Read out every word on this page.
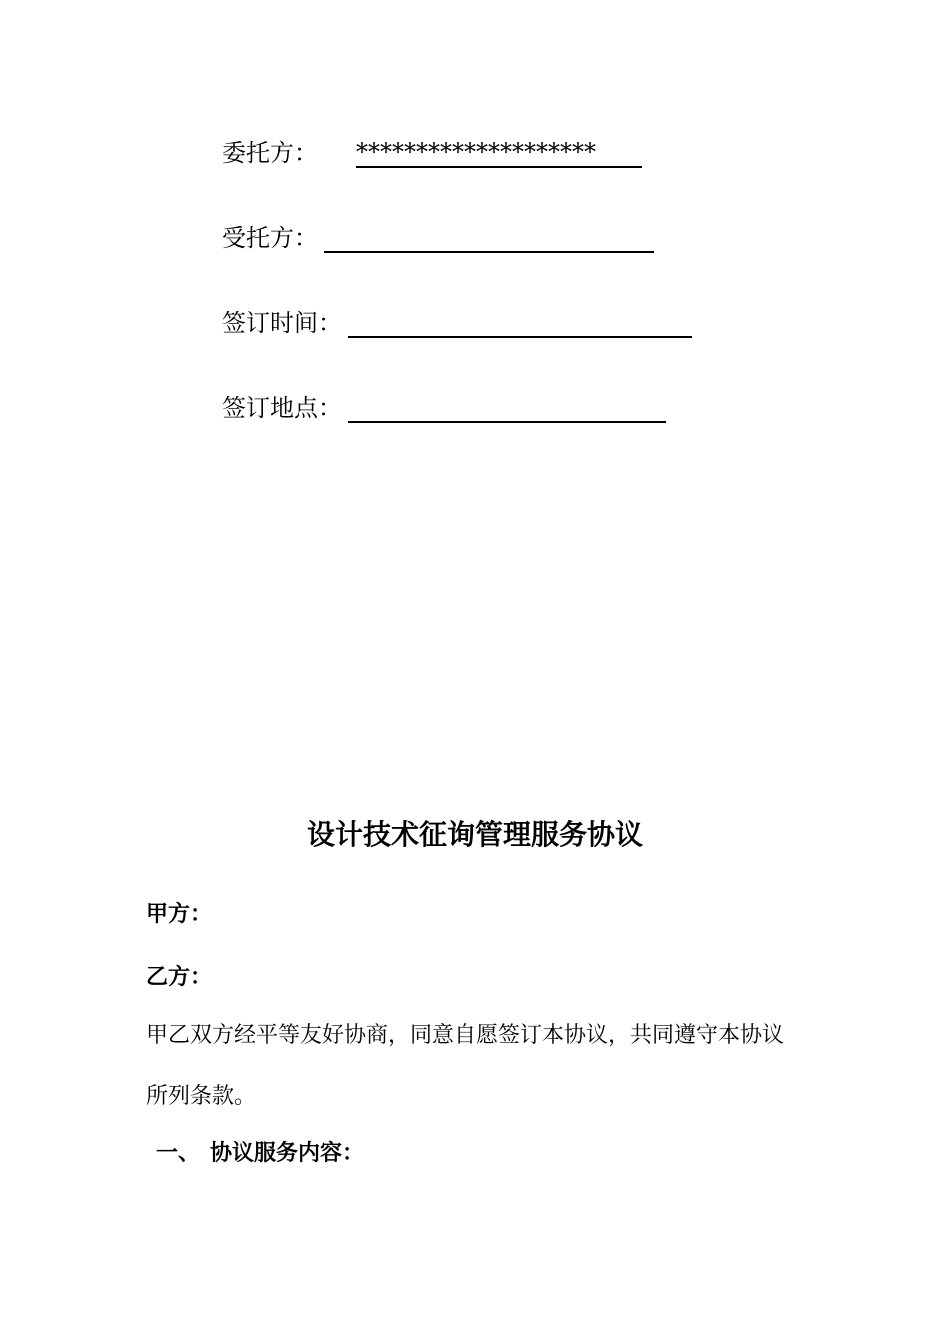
委托方： ********************
受托方：
签订时间：
签订地点：
设计技术征询管理服务协议
甲方：
乙方：
甲乙双方经平等友好协商，同意自愿签订本协议，共同遵守本协议
所列条款。
一、 协议服务内容：
